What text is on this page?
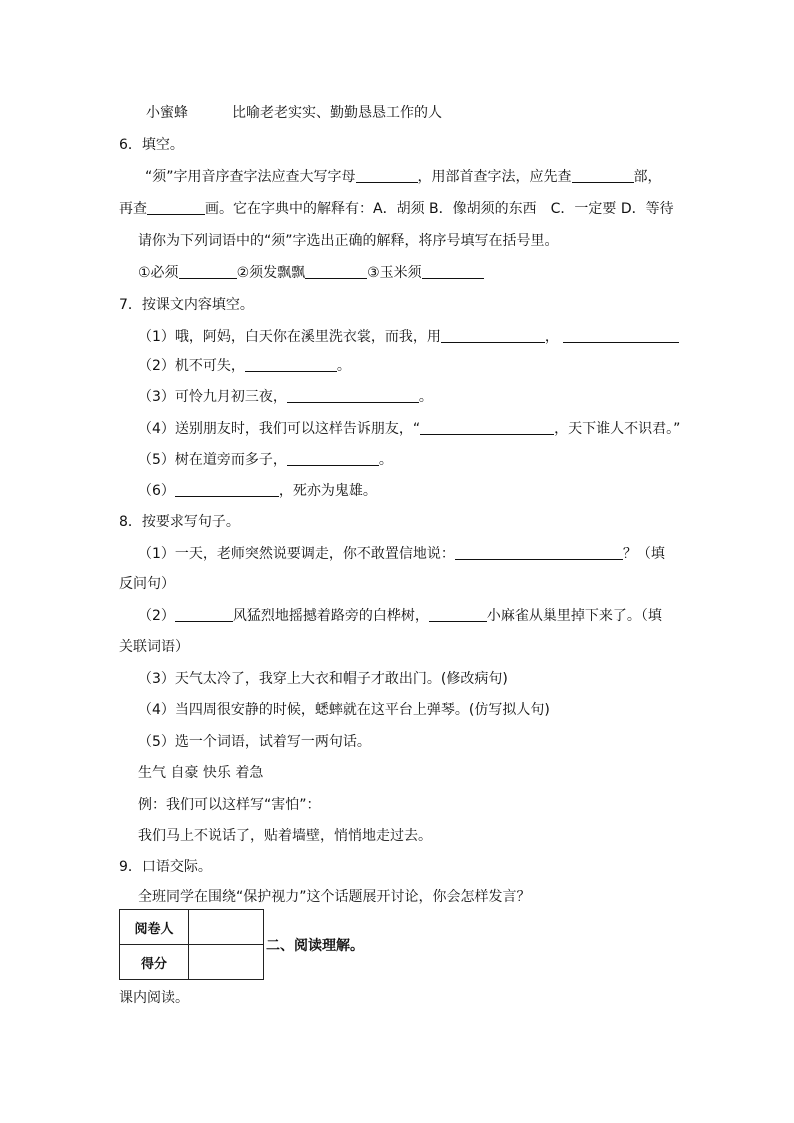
小蜜蜂	比喻老老实实、勤勤恳恳工作的人
6．填空。
“须”字用音序查字法应查大写字母	，用部首查字法，应先查	部，
再查	画。它在字典中的解释有：A．胡须 B．像胡须的东西　C．一定要 D．等待
请你为下列词语中的“须”字选出正确的解释，将序号填写在括号里。
①必须	②须发飘飘	③玉米须
7．按课文内容填空。
（1）哦，阿妈，白天你在溪里洗衣裳，而我，用	，
（2）机不可失，	。
（3）可怜九月初三夜，	。
（4）送别朋友时，我们可以这样告诉朋友，“	，天下谁人不识君。”
（5）树在道旁而多子，	。
（6）	，死亦为鬼雄。
8．按要求写句子。
（1）一天，老师突然说要调走，你不敢置信地说：	？（填
反问句）
（2）	风猛烈地摇撼着路旁的白桦树，	小麻雀从巢里掉下来了。（填
关联词语）
（3）天气太冷了，我穿上大衣和帽子才敢出门。(修改病句)
（4）当四周很安静的时候，蟋蟀就在这平台上弹琴。(仿写拟人句)
（5）选一个词语，试着写一两句话。
生气 自豪 快乐 着急
例：我们可以这样写“害怕”：
我们马上不说话了，贴着墙壁，悄悄地走过去。
9．口语交际。
全班同学在围绕“保护视力”这个话题展开讨论，你会怎样发言？
阅卷人	
得分	
二、阅读理解。
课内阅读。
